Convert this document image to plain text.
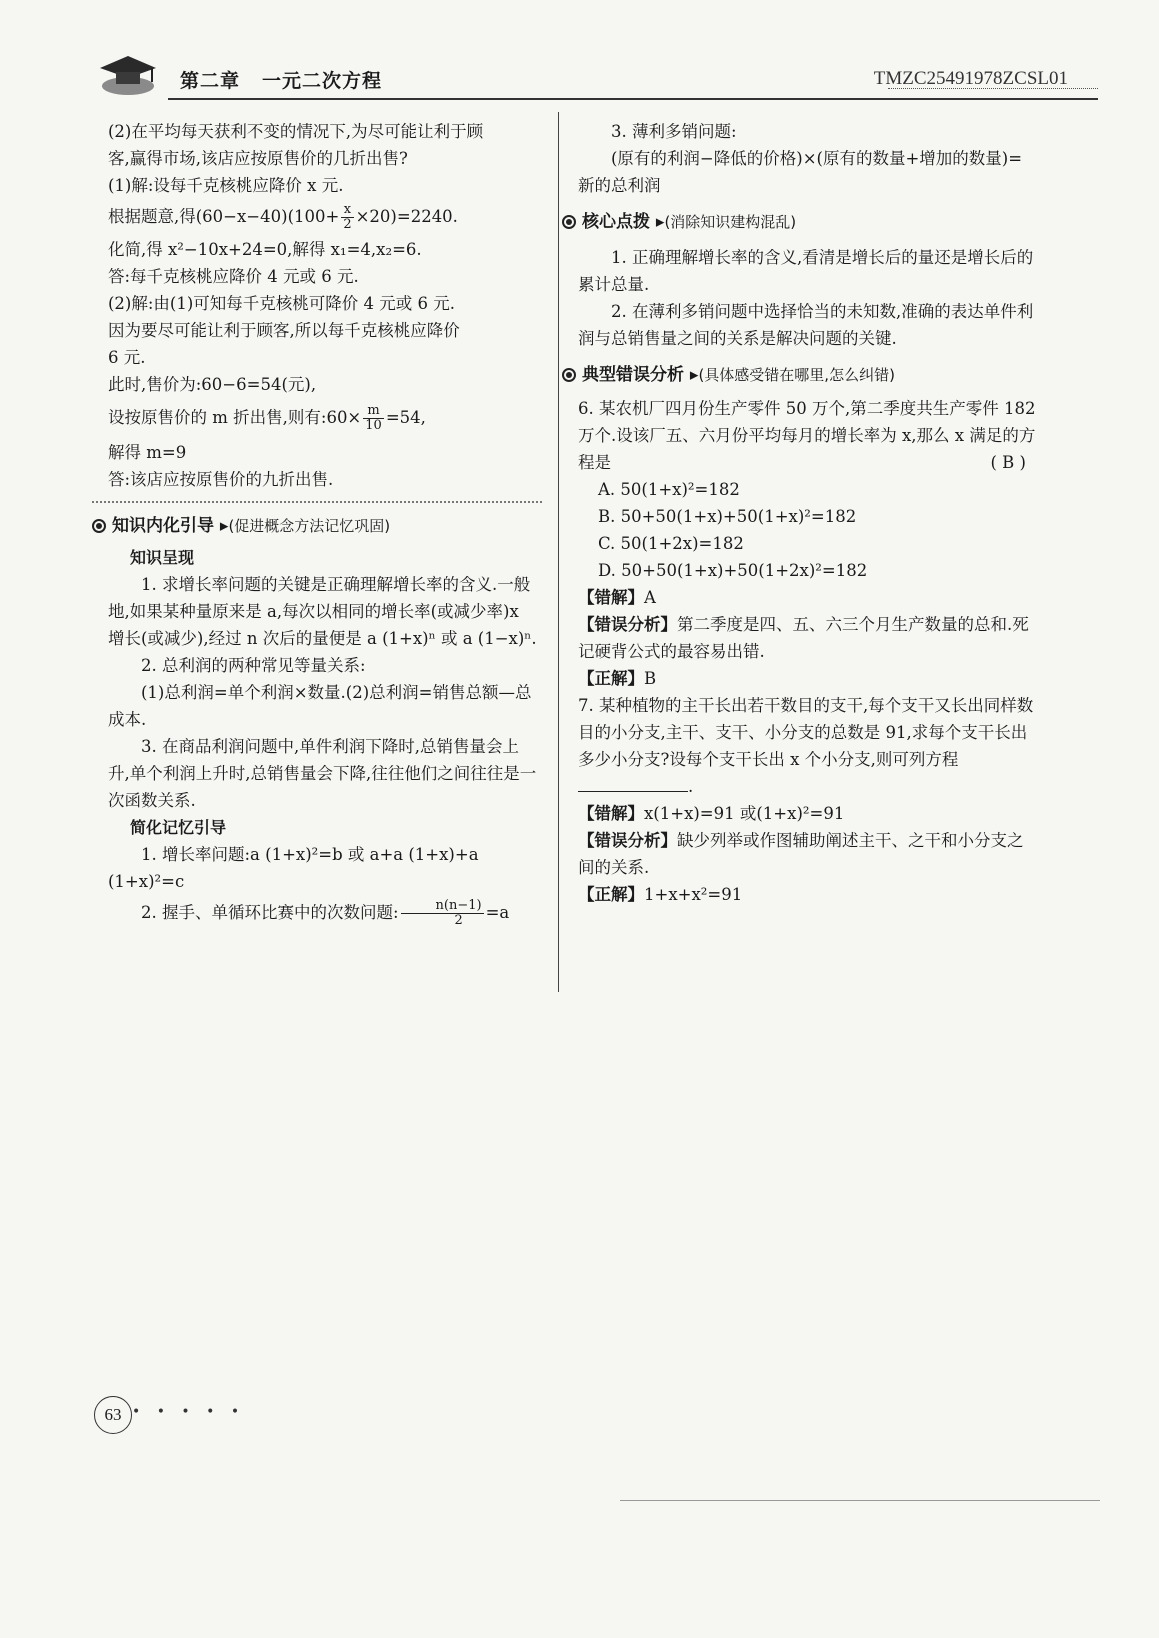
第二章 一元二次方程	TMZC25491978ZCSL01

(2)在平均每天获利不变的情况下,为尽可能让利于顾

客,赢得市场,该店应按原售价的几折出售?

(1)解:设每千克核桃应降价 x 元.

根据题意,得$(60-x-40)(100+ \frac{x}{2} \times 20)=2240$.

化简,得 x²−10x+24=0,解得 x₁=4,x₂=6.

答:每千克核桃应降价 4 元或 6 元.

(2)解:由(1)可知每千克核桃可降价 4 元或 6 元.

因为要尽可能让利于顾客,所以每千克核桃应降价

6 元.

此时,售价为:60−6=54(元),

设按原售价的 m 折出售,则有:60× $\frac{m}{10} =54$,

解得 m=9

答:该店应按原售价的九折出售.

知识内化引导 ▸(促进概念方法记忆巩固)
知识呈现

1. 求增长率问题的关键是正确理解增长率的含义.一般地,如果某种量原来是 a,每次以相同的增长率(或减少率)x 增长(或减少),经过 n 次后的量便是 a (1+x)ⁿ 或 a (1−x)ⁿ.

2. 总利润的两种常见等量关系:

(1)总利润=单个利润×数量.(2)总利润=销售总额—总成本.

3. 在商品利润问题中,单件利润下降时,总销售量会上升,单个利润上升时,总销售量会下降,往往他们之间往往是一次函数关系.

简化记忆引导

1. 增长率问题:a (1+x)²=b 或 a+a (1+x)+a (1+x)²=c

2. 握手、单循环比赛中的次数问题: $\frac{n(n-1)}{2} =a$

3. 薄利多销问题:

(原有的利润−降低的价格)×(原有的数量+增加的数量)=新的总利润

核心点拨 ▸(消除知识建构混乱)

1. 正确理解增长率的含义,看清是增长后的量还是增长后的累计总量.

2. 在薄利多销问题中选择恰当的未知数,准确的表达单件利润与总销售量之间的关系是解决问题的关键.

典型错误分析 ▸(具体感受错在哪里,怎么纠错)

6. 某农机厂四月份生产零件 50 万个,第二季度共生产零件 182 万个.设该厂五、六月份平均每月的增长率为 x,那么 x 满足的方程是	( B )

A. 50(1+x)²=182

B. 50+50(1+x)+50(1+x)²=182

C. 50(1+2x)=182

D. 50+50(1+x)+50(1+2x)²=182

【错解】A

【错误分析】第二季度是四、五、六三个月生产数量的总和.死记硬背公式的最容易出错.

【正解】B

7. 某种植物的主干长出若干数目的支干,每个支干又长出同样数目的小分支,主干、支干、小分支的总数是 91,求每个支干长出多少小分支?设每个支干长出 x 个小分支,则可列方程.

【错解】x(1+x)=91 或(1+x)²=91

【错误分析】缺少列举或作图辅助阐述主干、之干和小分支之间的关系.

【正解】1+x+x²=91

63 • • • • •
